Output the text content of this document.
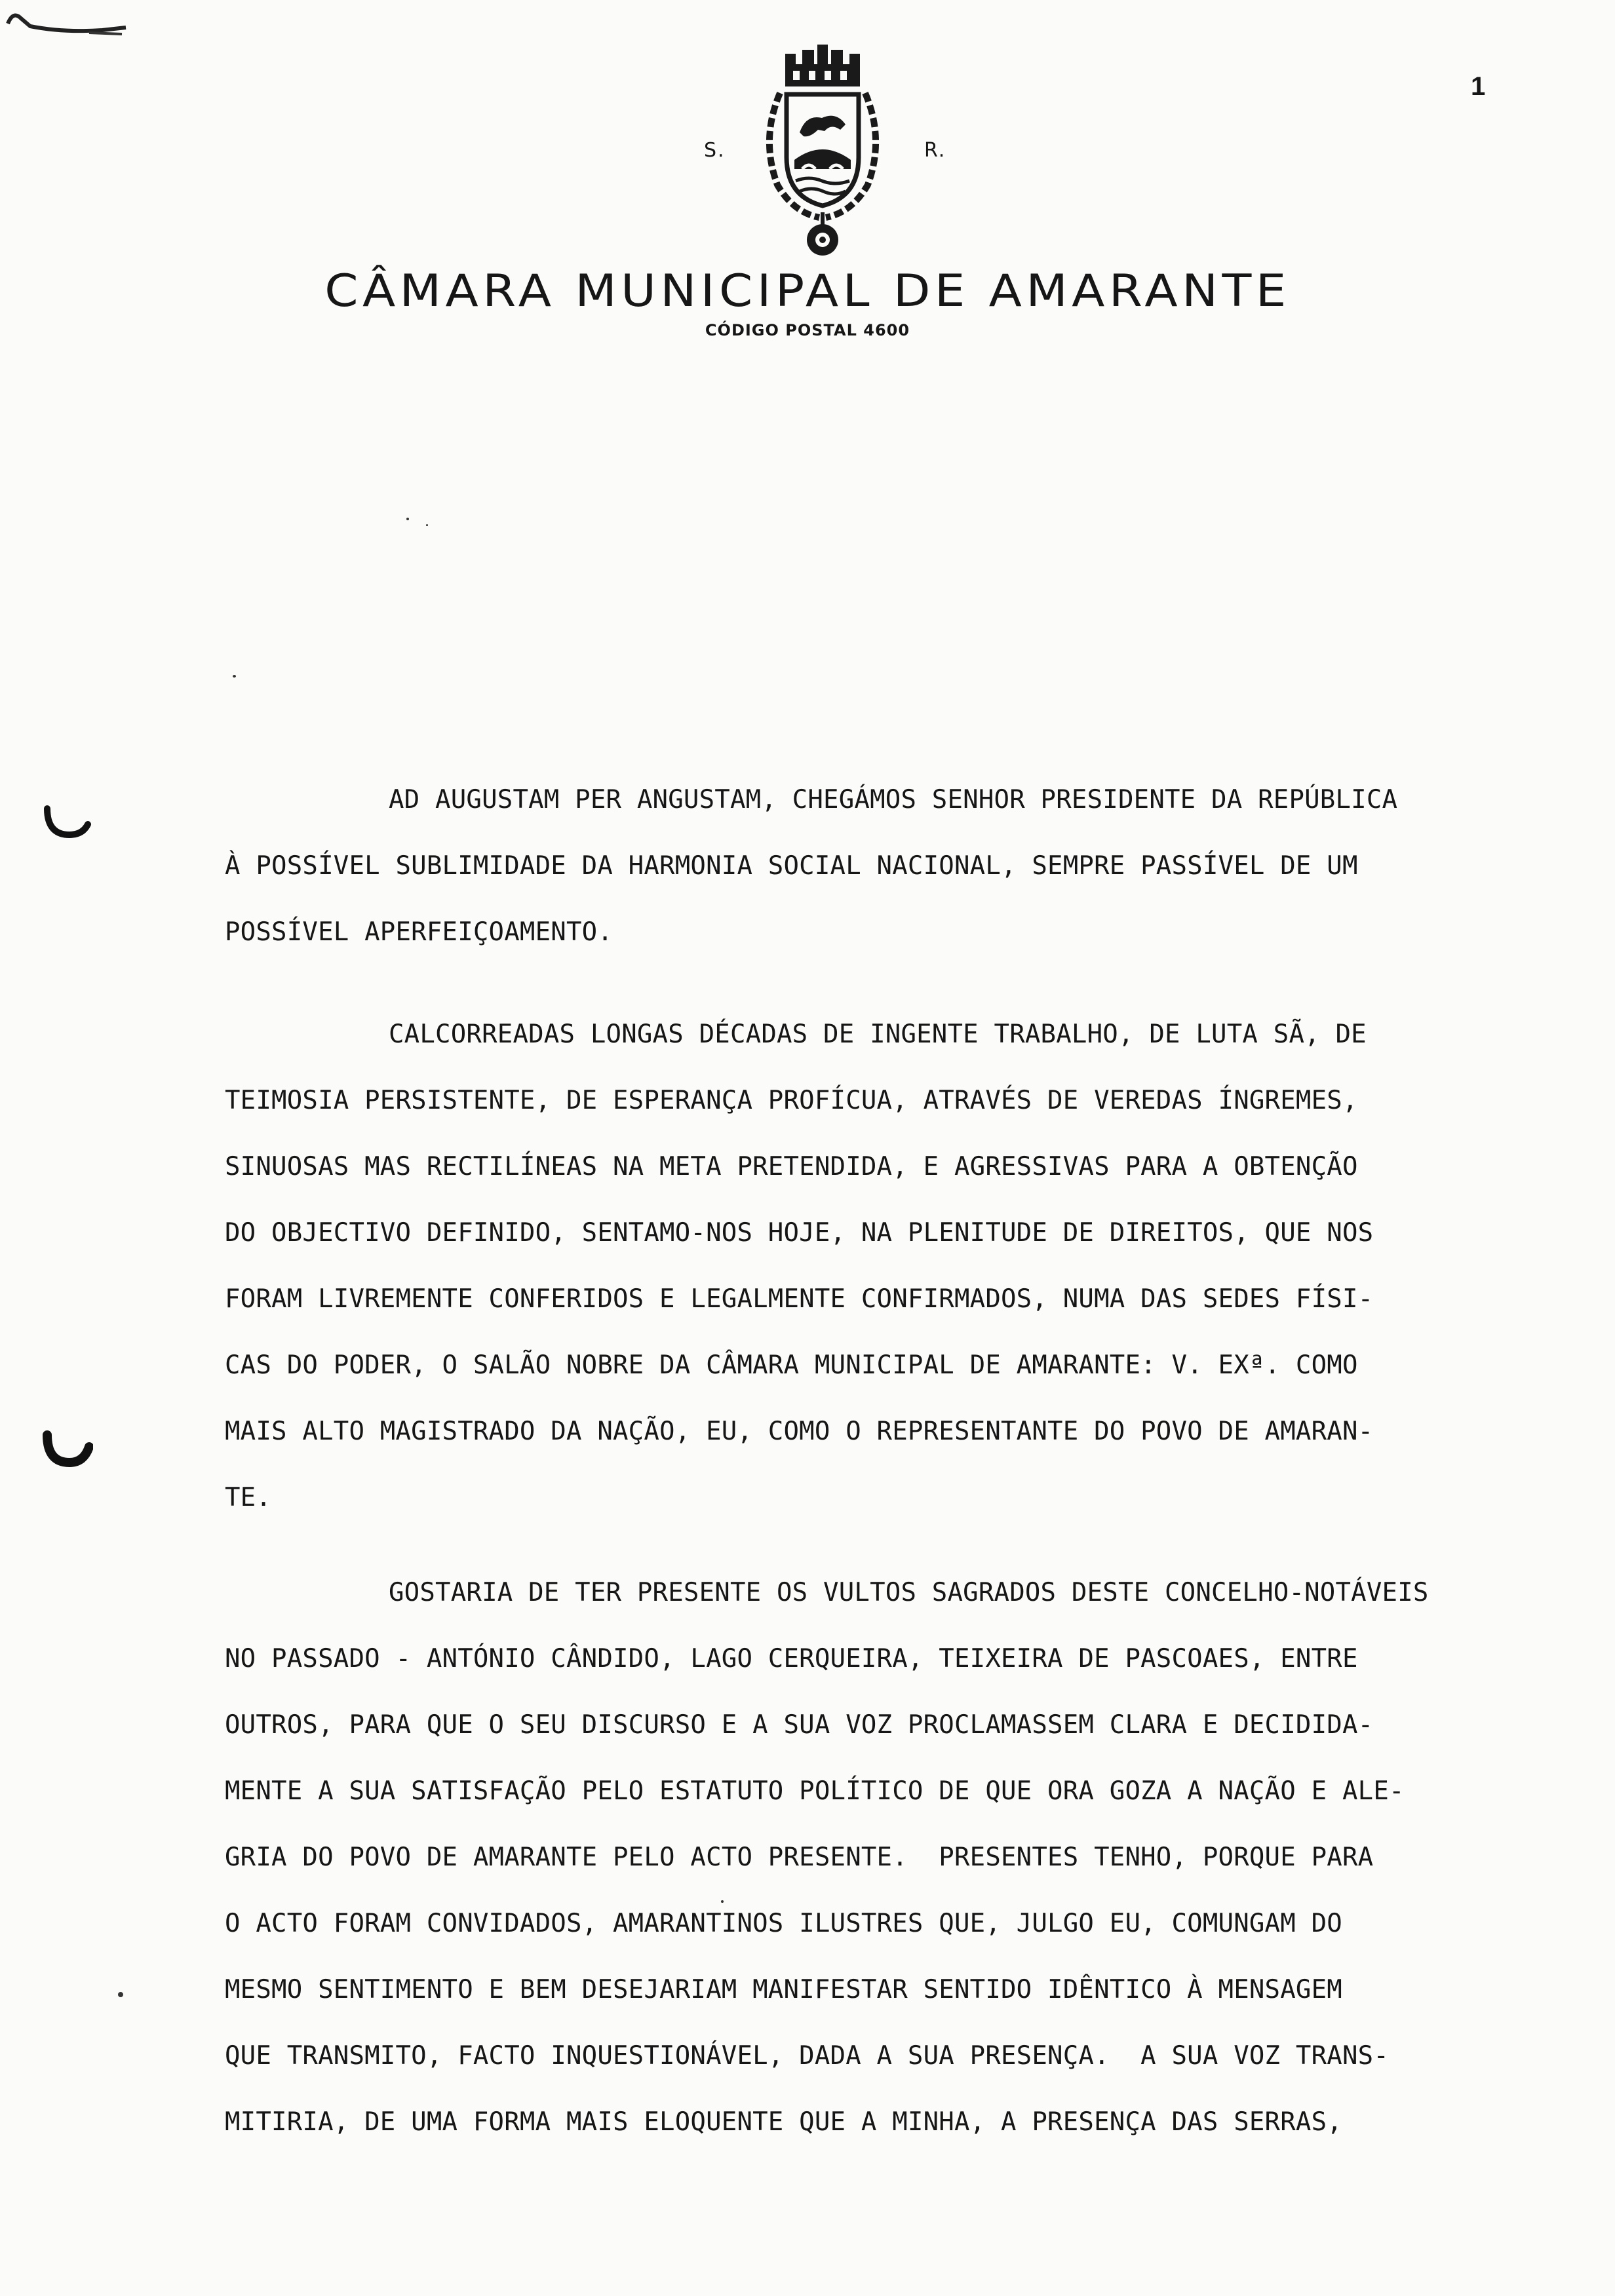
1
S.	R.
CÂMARA MUNICIPAL DE AMARANTE
CÓDIGO POSTAL 4600
AD AUGUSTAM PER ANGUSTAM, CHEGÁMOS SENHOR PRESIDENTE DA REPÚBLICA
À POSSÍVEL SUBLIMIDADE DA HARMONIA SOCIAL NACIONAL, SEMPRE PASSÍVEL DE UM
POSSÍVEL APERFEIÇOAMENTO.
CALCORREADAS LONGAS DÉCADAS DE INGENTE TRABALHO, DE LUTA SÃ, DE
TEIMOSIA PERSISTENTE, DE ESPERANÇA PROFÍCUA, ATRAVÉS DE VEREDAS ÍNGREMES,
SINUOSAS MAS RECTILÍNEAS NA META PRETENDIDA, E AGRESSIVAS PARA A OBTENÇÃO
DO OBJECTIVO DEFINIDO, SENTAMO-NOS HOJE, NA PLENITUDE DE DIREITOS, QUE NOS
FORAM LIVREMENTE CONFERIDOS E LEGALMENTE CONFIRMADOS, NUMA DAS SEDES FÍSI-
CAS DO PODER, O SALÃO NOBRE DA CÂMARA MUNICIPAL DE AMARANTE: V. EXª. COMO
MAIS ALTO MAGISTRADO DA NAÇÃO, EU, COMO O REPRESENTANTE DO POVO DE AMARAN-
TE.
GOSTARIA DE TER PRESENTE OS VULTOS SAGRADOS DESTE CONCELHO-NOTÁVEIS
NO PASSADO - ANTÓNIO CÂNDIDO, LAGO CERQUEIRA, TEIXEIRA DE PASCOAES, ENTRE
OUTROS, PARA QUE O SEU DISCURSO E A SUA VOZ PROCLAMASSEM CLARA E DECIDIDA-
MENTE A SUA SATISFAÇÃO PELO ESTATUTO POLÍTICO DE QUE ORA GOZA A NAÇÃO E ALE-
GRIA DO POVO DE AMARANTE PELO ACTO PRESENTE.  PRESENTES TENHO, PORQUE PARA
O ACTO FORAM CONVIDADOS, AMARANTINOS ILUSTRES QUE, JULGO EU, COMUNGAM DO
MESMO SENTIMENTO E BEM DESEJARIAM MANIFESTAR SENTIDO IDÊNTICO À MENSAGEM
QUE TRANSMITO, FACTO INQUESTIONÁVEL, DADA A SUA PRESENÇA.  A SUA VOZ TRANS-
MITIRIA, DE UMA FORMA MAIS ELOQUENTE QUE A MINHA, A PRESENÇA DAS SERRAS,
